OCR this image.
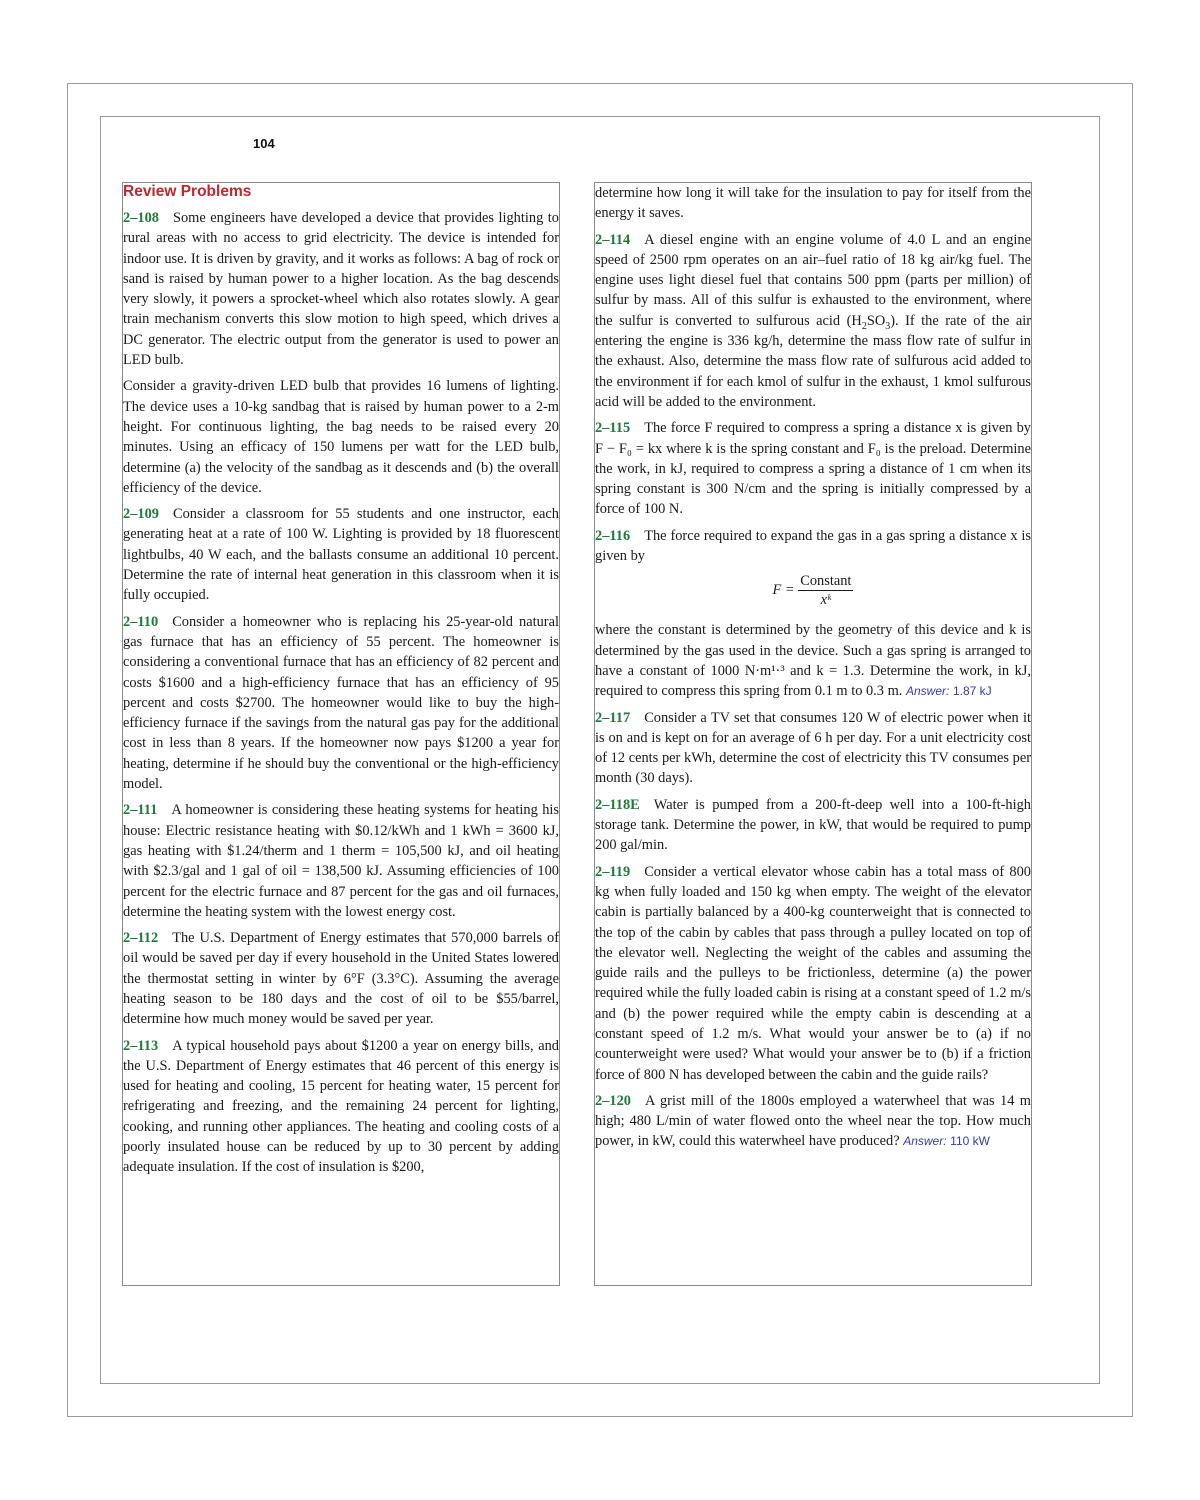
104
Review Problems

2–108 Some engineers have developed a device that provides lighting to rural areas with no access to grid electricity. The device is intended for indoor use. It is driven by gravity, and it works as follows: A bag of rock or sand is raised by human power to a higher location. As the bag descends very slowly, it powers a sprocket-wheel which also rotates slowly. A gear train mechanism converts this slow motion to high speed, which drives a DC generator. The electric output from the generator is used to power an LED bulb.

Consider a gravity-driven LED bulb that provides 16 lumens of lighting. The device uses a 10-kg sandbag that is raised by human power to a 2-m height. For continuous lighting, the bag needs to be raised every 20 minutes. Using an efficacy of 150 lumens per watt for the LED bulb, determine (a) the velocity of the sandbag as it descends and (b) the overall efficiency of the device.

2–109 Consider a classroom for 55 students and one instructor, each generating heat at a rate of 100 W. Lighting is provided by 18 fluorescent lightbulbs, 40 W each, and the ballasts consume an additional 10 percent. Determine the rate of internal heat generation in this classroom when it is fully occupied.

2–110 Consider a homeowner who is replacing his 25-year-old natural gas furnace that has an efficiency of 55 percent. The homeowner is considering a conventional furnace that has an efficiency of 82 percent and costs $1600 and a high-efficiency furnace that has an efficiency of 95 percent and costs $2700. The homeowner would like to buy the high-efficiency furnace if the savings from the natural gas pay for the additional cost in less than 8 years. If the homeowner now pays $1200 a year for heating, determine if he should buy the conventional or the high-efficiency model.

2–111 A homeowner is considering these heating systems for heating his house: Electric resistance heating with $0.12/kWh and 1 kWh = 3600 kJ, gas heating with $1.24/therm and 1 therm = 105,500 kJ, and oil heating with $2.3/gal and 1 gal of oil = 138,500 kJ. Assuming efficiencies of 100 percent for the electric furnace and 87 percent for the gas and oil furnaces, determine the heating system with the lowest energy cost.

2–112 The U.S. Department of Energy estimates that 570,000 barrels of oil would be saved per day if every household in the United States lowered the thermostat setting in winter by 6°F (3.3°C). Assuming the average heating season to be 180 days and the cost of oil to be $55/barrel, determine how much money would be saved per year.

2–113 A typical household pays about $1200 a year on energy bills, and the U.S. Department of Energy estimates that 46 percent of this energy is used for heating and cooling, 15 percent for heating water, 15 percent for refrigerating and freezing, and the remaining 24 percent for lighting, cooking, and running other appliances. The heating and cooling costs of a poorly insulated house can be reduced by up to 30 percent by adding adequate insulation. If the cost of insulation is $200,

determine how long it will take for the insulation to pay for itself from the energy it saves.

2–114 A diesel engine with an engine volume of 4.0 L and an engine speed of 2500 rpm operates on an air–fuel ratio of 18 kg air/kg fuel. The engine uses light diesel fuel that contains 500 ppm (parts per million) of sulfur by mass. All of this sulfur is exhausted to the environment, where the sulfur is converted to sulfurous acid $(H_2SO_3)$. If the rate of the air entering the engine is 336 kg/h, determine the mass flow rate of sulfur in the exhaust. Also, determine the mass flow rate of sulfurous acid added to the environment if for each kmol of sulfur in the exhaust, 1 kmol sulfurous acid will be added to the environment.

2–115 The force F required to compress a spring a distance x is given by F − F₀ = kx where k is the spring constant and F₀ is the preload. Determine the work, in kJ, required to compress a spring a distance of 1 cm when its spring constant is 300 N/cm and the spring is initially compressed by a force of 100 N.

2–116 The force required to expand the gas in a gas spring a distance x is given by

$F = \frac{\text{Constant}}{\text{xᵏ}}$

where the constant is determined by the geometry of this device and k is determined by the gas used in the device. Such a gas spring is arranged to have a constant of 1000 N·m¹·³ and k = 1.3. Determine the work, in kJ, required to compress this spring from 0.1 m to 0.3 m. Answer: 1.87 kJ

2–117 Consider a TV set that consumes 120 W of electric power when it is on and is kept on for an average of 6 h per day. For a unit electricity cost of 12 cents per kWh, determine the cost of electricity this TV consumes per month (30 days).

2–118E Water is pumped from a 200-ft-deep well into a 100-ft-high storage tank. Determine the power, in kW, that would be required to pump 200 gal/min.

2–119 Consider a vertical elevator whose cabin has a total mass of 800 kg when fully loaded and 150 kg when empty. The weight of the elevator cabin is partially balanced by a 400-kg counterweight that is connected to the top of the cabin by cables that pass through a pulley located on top of the elevator well. Neglecting the weight of the cables and assuming the guide rails and the pulleys to be frictionless, determine (a) the power required while the fully loaded cabin is rising at a constant speed of 1.2 m/s and (b) the power required while the empty cabin is descending at a constant speed of 1.2 m/s. What would your answer be to (a) if no counterweight were used? What would your answer be to (b) if a friction force of 800 N has developed between the cabin and the guide rails?

2–120 A grist mill of the 1800s employed a waterwheel that was 14 m high; 480 L/min of water flowed onto the wheel near the top. How much power, in kW, could this waterwheel have produced? Answer: 110 kW
